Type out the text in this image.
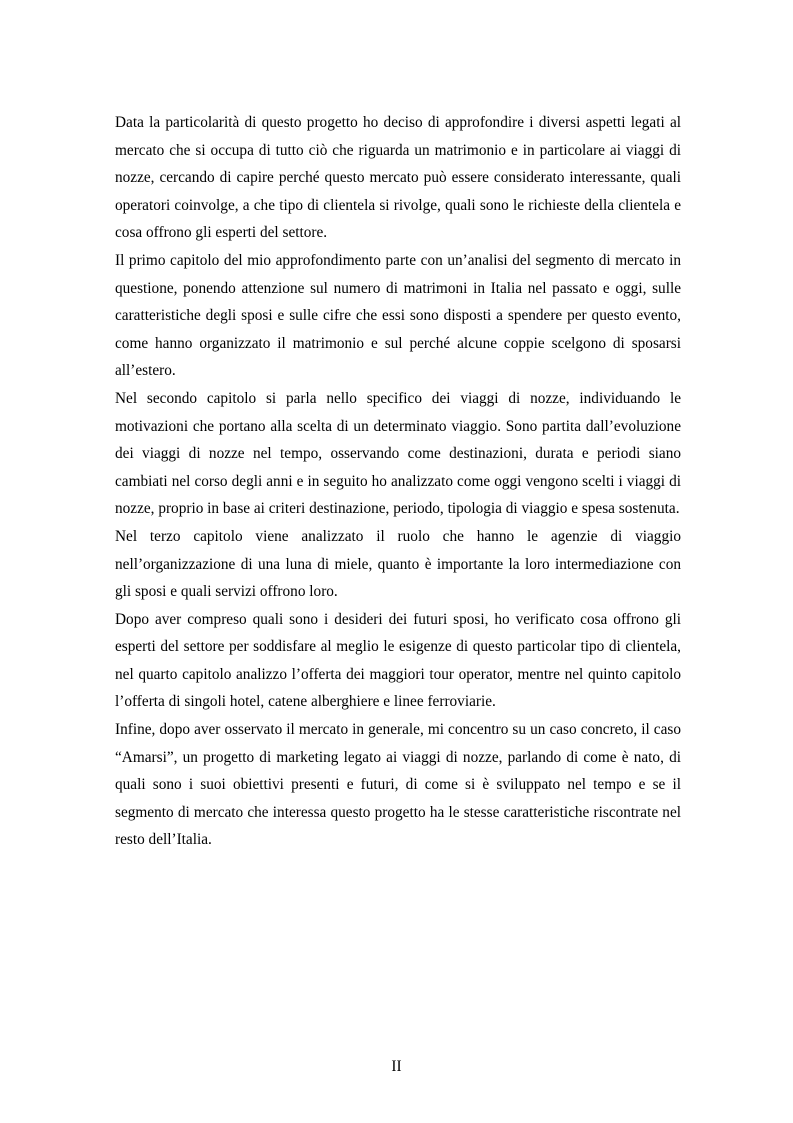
Data la particolarità di questo progetto ho deciso di approfondire i diversi aspetti legati al mercato che si occupa di tutto ciò che riguarda un matrimonio e in particolare ai viaggi di nozze, cercando di capire perché questo mercato può essere considerato interessante, quali operatori coinvolge, a che tipo di clientela si rivolge, quali sono le richieste della clientela e cosa offrono gli esperti del settore.

Il primo capitolo del mio approfondimento parte con un’analisi del segmento di mercato in questione, ponendo attenzione sul numero di matrimoni in Italia nel passato e oggi, sulle caratteristiche degli sposi e sulle cifre che essi sono disposti a spendere per questo evento, come hanno organizzato il matrimonio e sul perché alcune coppie scelgono di sposarsi all’estero.

Nel secondo capitolo si parla nello specifico dei viaggi di nozze, individuando le motivazioni che portano alla scelta di un determinato viaggio. Sono partita dall’evoluzione dei viaggi di nozze nel tempo, osservando come destinazioni, durata e periodi siano cambiati nel corso degli anni e in seguito ho analizzato come oggi vengono scelti i viaggi di nozze, proprio in base ai criteri destinazione, periodo, tipologia di viaggio e spesa sostenuta.

Nel terzo capitolo viene analizzato il ruolo che hanno le agenzie di viaggio nell’organizzazione di una luna di miele, quanto è importante la loro intermediazione con gli sposi e quali servizi offrono loro.

Dopo aver compreso quali sono i desideri dei futuri sposi, ho verificato cosa offrono gli esperti del settore per soddisfare al meglio le esigenze di questo particolar tipo di clientela, nel quarto capitolo analizzo l’offerta dei maggiori tour operator, mentre nel quinto capitolo l’offerta di singoli hotel, catene alberghiere e linee ferroviarie.

Infine, dopo aver osservato il mercato in generale, mi concentro su un caso concreto, il caso “Amarsi”, un progetto di marketing legato ai viaggi di nozze, parlando di come è nato, di quali sono i suoi obiettivi presenti e futuri, di come si è sviluppato nel tempo e se il segmento di mercato che interessa questo progetto ha le stesse caratteristiche riscontrate nel resto dell’Italia.

II
